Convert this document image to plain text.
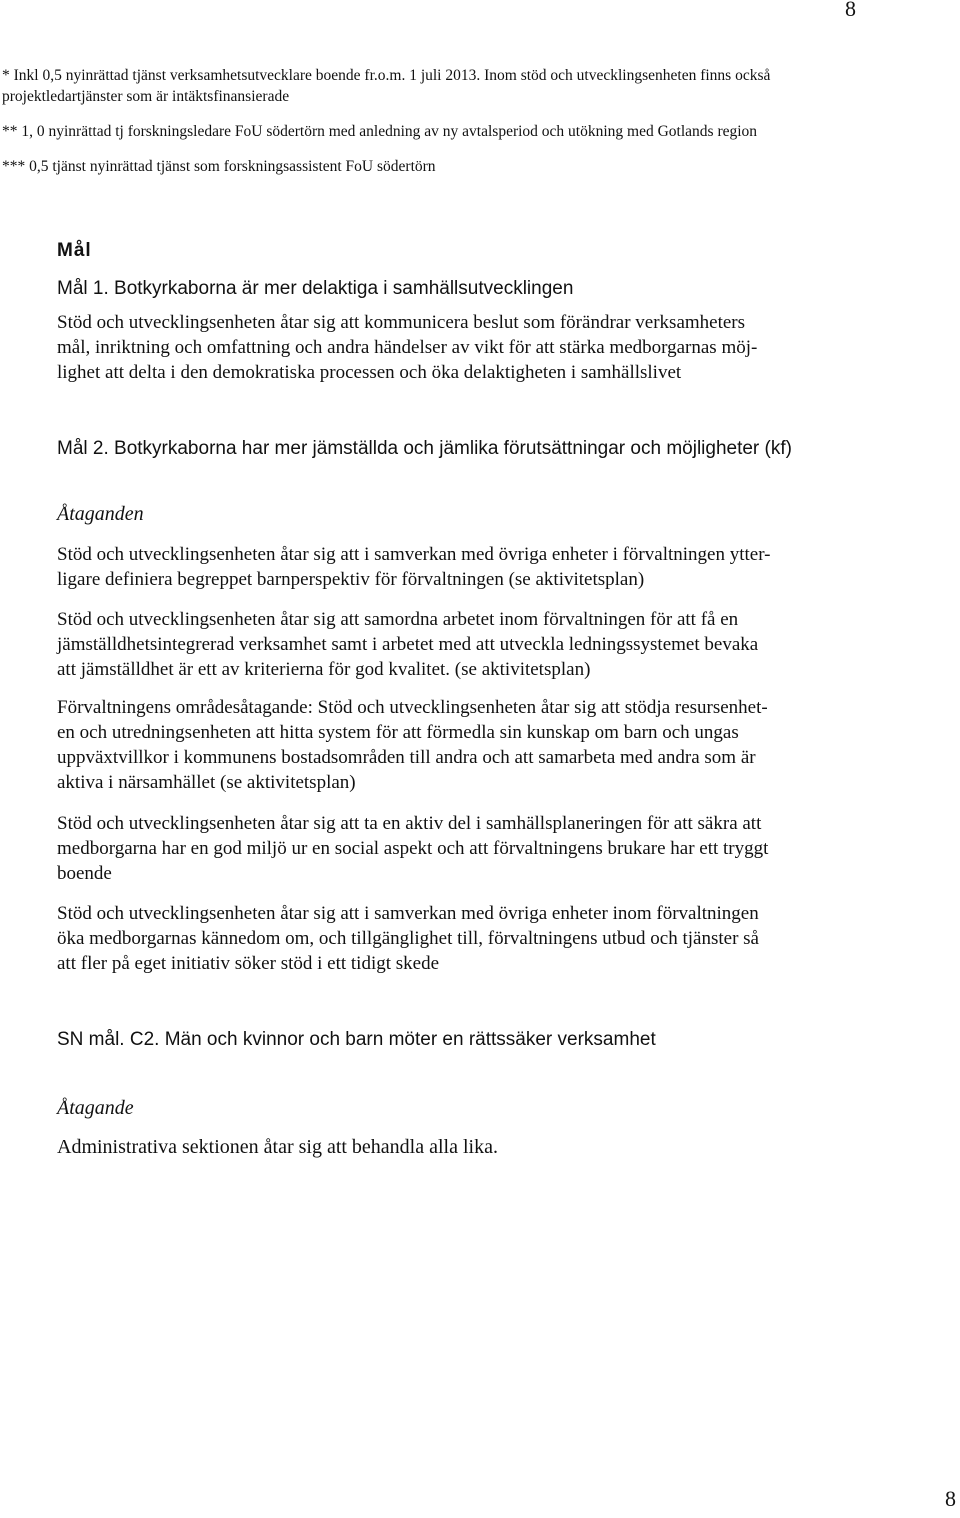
8
* Inkl 0,5 nyinrättad tjänst verksamhetsutvecklare boende fr.o.m. 1 juli 2013. Inom stöd och utvecklingsenheten finns också
projektledartjänster som är intäktsfinansierade
** 1, 0 nyinrättad tj forskningsledare FoU södertörn med anledning av ny avtalsperiod och utökning med Gotlands region
*** 0,5 tjänst nyinrättad tjänst som forskningsassistent FoU södertörn
Mål
Mål 1. Botkyrkaborna är mer delaktiga i samhällsutvecklingen
Stöd och utvecklingsenheten åtar sig att kommunicera beslut som förändrar verksamheters
mål, inriktning och omfattning och andra händelser av vikt för att stärka medborgarnas möj-
lighet att delta i den demokratiska processen och öka delaktigheten i samhällslivet
Mål 2. Botkyrkaborna har mer jämställda och jämlika förutsättningar och möjligheter (kf)
Åtaganden
Stöd och utvecklingsenheten åtar sig att i samverkan med övriga enheter i förvaltningen ytter-
ligare definiera begreppet barnperspektiv för förvaltningen (se aktivitetsplan)
Stöd och utvecklingsenheten åtar sig att samordna arbetet inom förvaltningen för att få en
jämställdhetsintegrerad verksamhet samt i arbetet med att utveckla ledningssystemet bevaka
att jämställdhet är ett av kriterierna för god kvalitet. (se aktivitetsplan)
Förvaltningens områdesåtagande: Stöd och utvecklingsenheten åtar sig att stödja resursenhet-
en och utredningsenheten att hitta system för att förmedla sin kunskap om barn och ungas
uppväxtvillkor i kommunens bostadsområden till andra och att samarbeta med andra som är
aktiva i närsamhället (se aktivitetsplan)
Stöd och utvecklingsenheten åtar sig att ta en aktiv del i samhällsplaneringen för att säkra att
medborgarna har en god miljö ur en social aspekt och att förvaltningens brukare har ett tryggt
boende
Stöd och utvecklingsenheten åtar sig att i samverkan med övriga enheter inom förvaltningen
öka medborgarnas kännedom om, och tillgänglighet till, förvaltningens utbud och tjänster så
att fler på eget initiativ söker stöd i ett tidigt skede
SN mål. C2. Män och kvinnor och barn möter en rättssäker verksamhet
Åtagande
Administrativa sektionen åtar sig att behandla alla lika.
8
